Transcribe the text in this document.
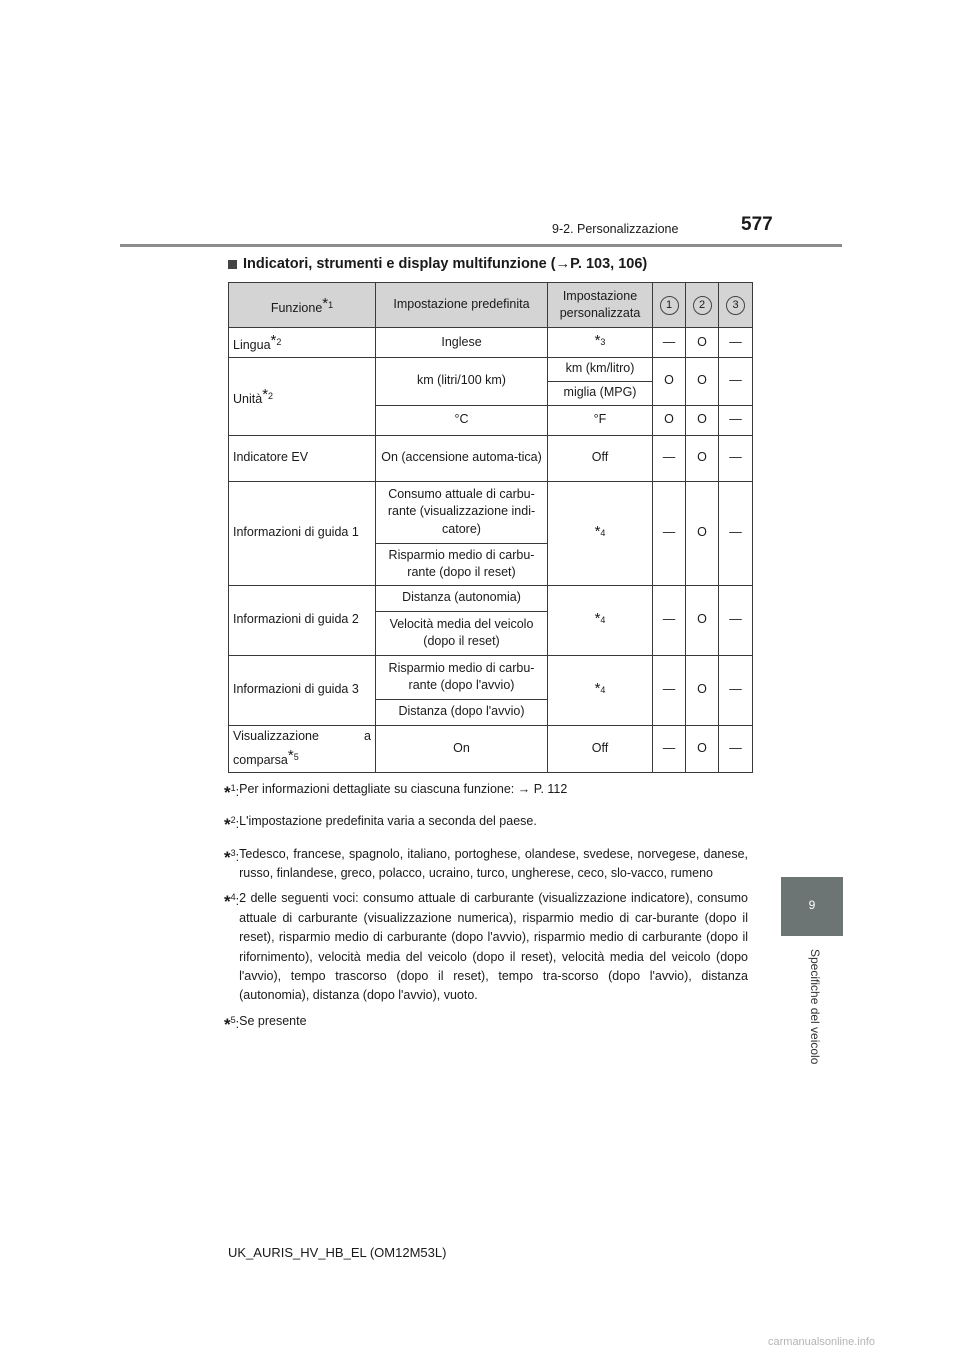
9-2. Personalizzazione	577
9
Specifiche del veicolo
Indicatori, strumenti e display multifunzione ( → P. 103, 106)
Funzione$^{*1}$	Impostazione predefinita	Impostazione personalizzata	1	2	3
Lingua$^{*2}$	Inglese	$^{*3}$	—	O	—
Unità$^{*2}$	km (litri/100 km)	km (km/litro)	O	O	—
		miglia (MPG)			
	°C	°F	O	O	—
Indicatore EV	On (accensione automa-tica)	Off	—	O	—
Informazioni di guida 1	Consumo attuale di carbu-rante (visualizzazione indi-catore)	$^{*4}$	—	O	—
	Risparmio medio di carbu-rante (dopo il reset)				
Informazioni di guida 2	Distanza (autonomia)	$^{*4}$	—	O	—
	Velocità media del veicolo (dopo il reset)				
Informazioni di guida 3	Risparmio medio di carbu-rante (dopo l'avvio)	$^{*4}$	—	O	—
	Distanza (dopo l'avvio)				

Visualizzazione a
comparsa$^{*5}$	On	Off	—	O	—
*$^1$: Per informazioni dettagliate su ciascuna funzione: → P. 112
*$^2$: L'impostazione predefinita varia a seconda del paese.
*$^3$: Tedesco, francese, spagnolo, italiano, portoghese, olandese, svedese, norvegese, danese, russo, finlandese, greco, polacco, ucraino, turco, ungherese, ceco, slo-vacco, rumeno
*$^4$: 2 delle seguenti voci: consumo attuale di carburante (visualizzazione indicatore), consumo attuale di carburante (visualizzazione numerica), risparmio medio di car-burante (dopo il reset), risparmio medio di carburante (dopo l'avvio), risparmio medio di carburante (dopo il rifornimento), velocità media del veicolo (dopo il reset), velocità media del veicolo (dopo l'avvio), tempo trascorso (dopo il reset), tempo tra-scorso (dopo l'avvio), distanza (autonomia), distanza (dopo l'avvio), vuoto.
*$^5$: Se presente
UK_AURIS_HV_HB_EL (OM12M53L)
carmanualsonline.info
